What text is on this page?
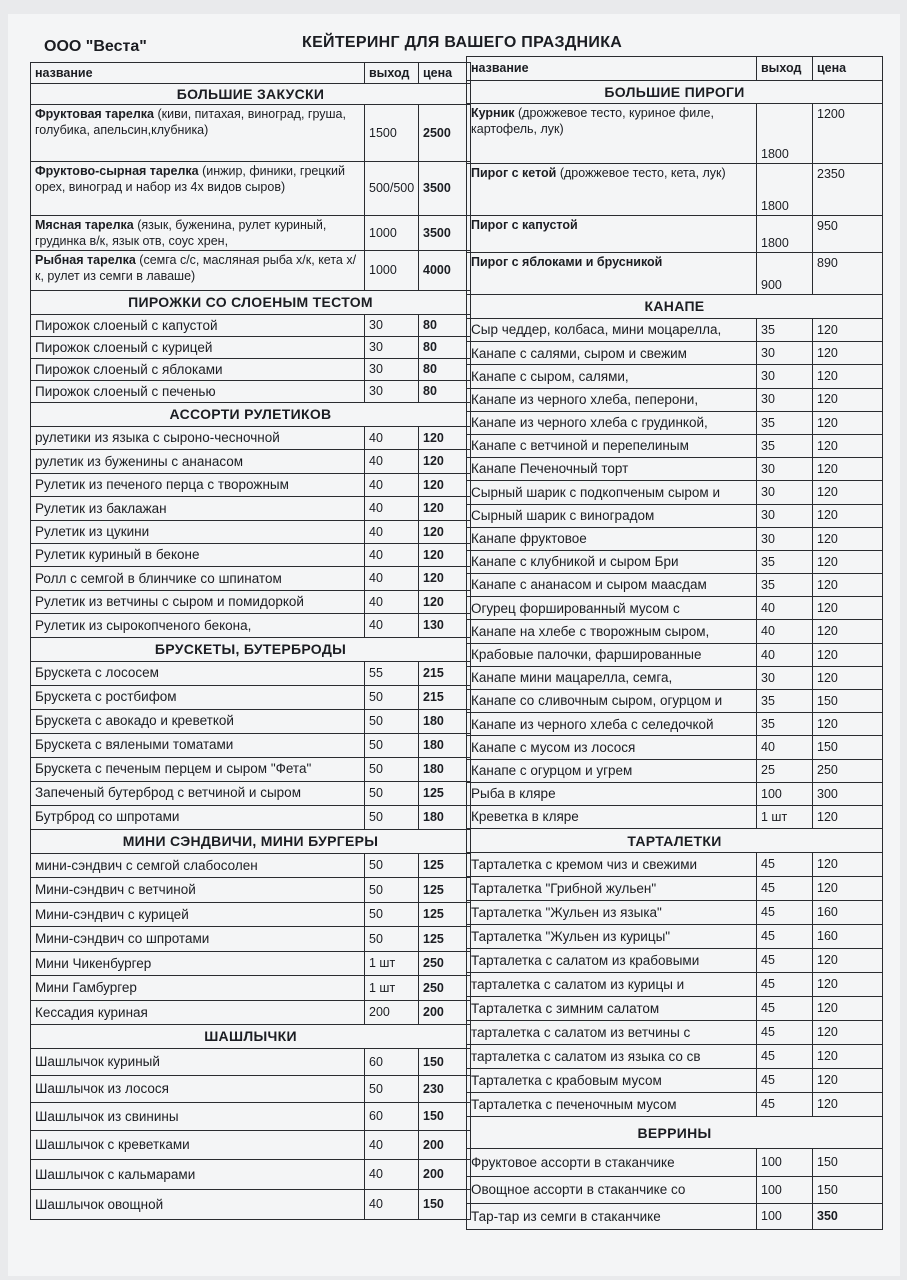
ООО "Веста"	КЕЙТЕРИНГ ДЛЯ ВАШЕГО ПРАЗДНИКА
название	выход	цена
БОЛЬШИЕ ЗАКУСКИ		
Фруктовая тарелка (киви, питахая, виноград, груша, голубика, апельсин,клубника)	1500	2500
Фруктово-сырная тарелка (инжир, финики, грецкий орех, виноград и набор из 4х видов сыров)	500/500	3500
Мясная тарелка (язык, буженина, рулет куриный, грудинка в/к, язык отв, соус хрен,	1000	3500
Рыбная тарелка (семга с/с, масляная рыба х/к, кета х/к, рулет из семги в лаваше)	1000	4000
ПИРОЖКИ СО СЛОЕНЫМ ТЕСТОМ		
Пирожок слоеный с капустой	30	80
Пирожок слоеный с курицей	30	80
Пирожок слоеный с яблоками	30	80
Пирожок слоеный с печенью	30	80
АССОРТИ РУЛЕТИКОВ		
рулетики из языка с сыроно-чесночной	40	120
рулетик из буженины с ананасом	40	120
Рулетик из печеного перца с творожным	40	120
Рулетик из баклажан	40	120
Рулетик из цукини	40	120
Рулетик куриный в беконе	40	120
Ролл с семгой в блинчике со шпинатом	40	120
Рулетик из ветчины с сыром и помидоркой	40	120
Рулетик из сырокопченого бекона,	40	130
БРУСКЕТЫ, БУТЕРБРОДЫ		
Брускета с лососем	55	215
Брускета с ростбифом	50	215
Брускета с авокадо и креветкой	50	180
Брускета с вялеными томатами	50	180
Брускета с печеным перцем и сыром "Фета"	50	180
Запеченый бутерброд с ветчиной и сыром	50	125
Бутрброд со шпротами	50	180
МИНИ СЭНДВИЧИ, МИНИ БУРГЕРЫ		
мини-сэндвич с семгой слабосолен	50	125
Мини-сэндвич с ветчиной	50	125
Мини-сэндвич с курицей	50	125
Мини-сэндвич со шпротами	50	125
Мини Чикенбургер	1 шт	250
Мини Гамбургер	1 шт	250
Кессадия куриная	200	200
ШАШЛЫЧКИ		
Шашлычок куриный	60	150
Шашлычок из лосося	50	230
Шашлычок из свинины	60	150
Шашлычок с креветками	40	200
Шашлычок с кальмарами	40	200
Шашлычок овощной	40	150
название	выход	цена
БОЛЬШИЕ ПИРОГИ		
Курник (дрожжевое тесто, куриное филе, картофель, лук)	1800	1200
Пирог с кетой (дрожжевое тесто, кета, лук)	1800	2350
Пирог с капустой	1800	950
Пирог с яблоками и брусникой	900	890
КАНАПЕ		
Сыр чеддер, колбаса, мини моцарелла,	35	120
Канапе с салями, сыром и свежим	30	120
Канапе с сыром, салями,	30	120
Канапе из черного хлеба, пеперони,	30	120
Канапе из черного хлеба с грудинкой,	35	120
Канапе с ветчиной и перепелиным	35	120
Канапе Печеночный торт	30	120
Сырный шарик с подкопченым сыром и	30	120
Сырный шарик с виноградом	30	120
Канапе фруктовое	30	120
Канапе с клубникой и сыром Бри	35	120
Канапе с ананасом и сыром маасдам	35	120
Огурец форшированный мусом с	40	120
Канапе на хлебе с творожным сыром,	40	120
Крабовые палочки, фаршированные	40	120
Канапе мини мацарелла, семга,	30	120
Канапе со сливочным сыром, огурцом и	35	150
Канапе из черного хлеба с селедочкой	35	120
Канапе с мусом из лосося	40	150
Канапе с огурцом и угрем	25	250
Рыба в кляре	100	300
Креветка в кляре	1 шт	120
ТАРТАЛЕТКИ		
Тарталетка с кремом чиз и свежими	45	120
Тарталетка "Грибной жульен"	45	120
Тарталетка "Жульен из языка"	45	160
Тарталетка "Жульен из курицы"	45	160
Тарталетка с салатом из крабовыми	45	120
тарталетка с салатом из курицы и	45	120
Тарталетка с зимним салатом	45	120
тарталетка с салатом из ветчины с	45	120
тарталетка с салатом из языка со св	45	120
Тарталетка с крабовым мусом	45	120
Тарталетка с печеночным мусом	45	120
ВЕРРИНЫ		
Фруктовое ассорти в стаканчике	100	150
Овощное ассорти в стаканчике со	100	150
Тар-тар из семги в стаканчике	100	350
